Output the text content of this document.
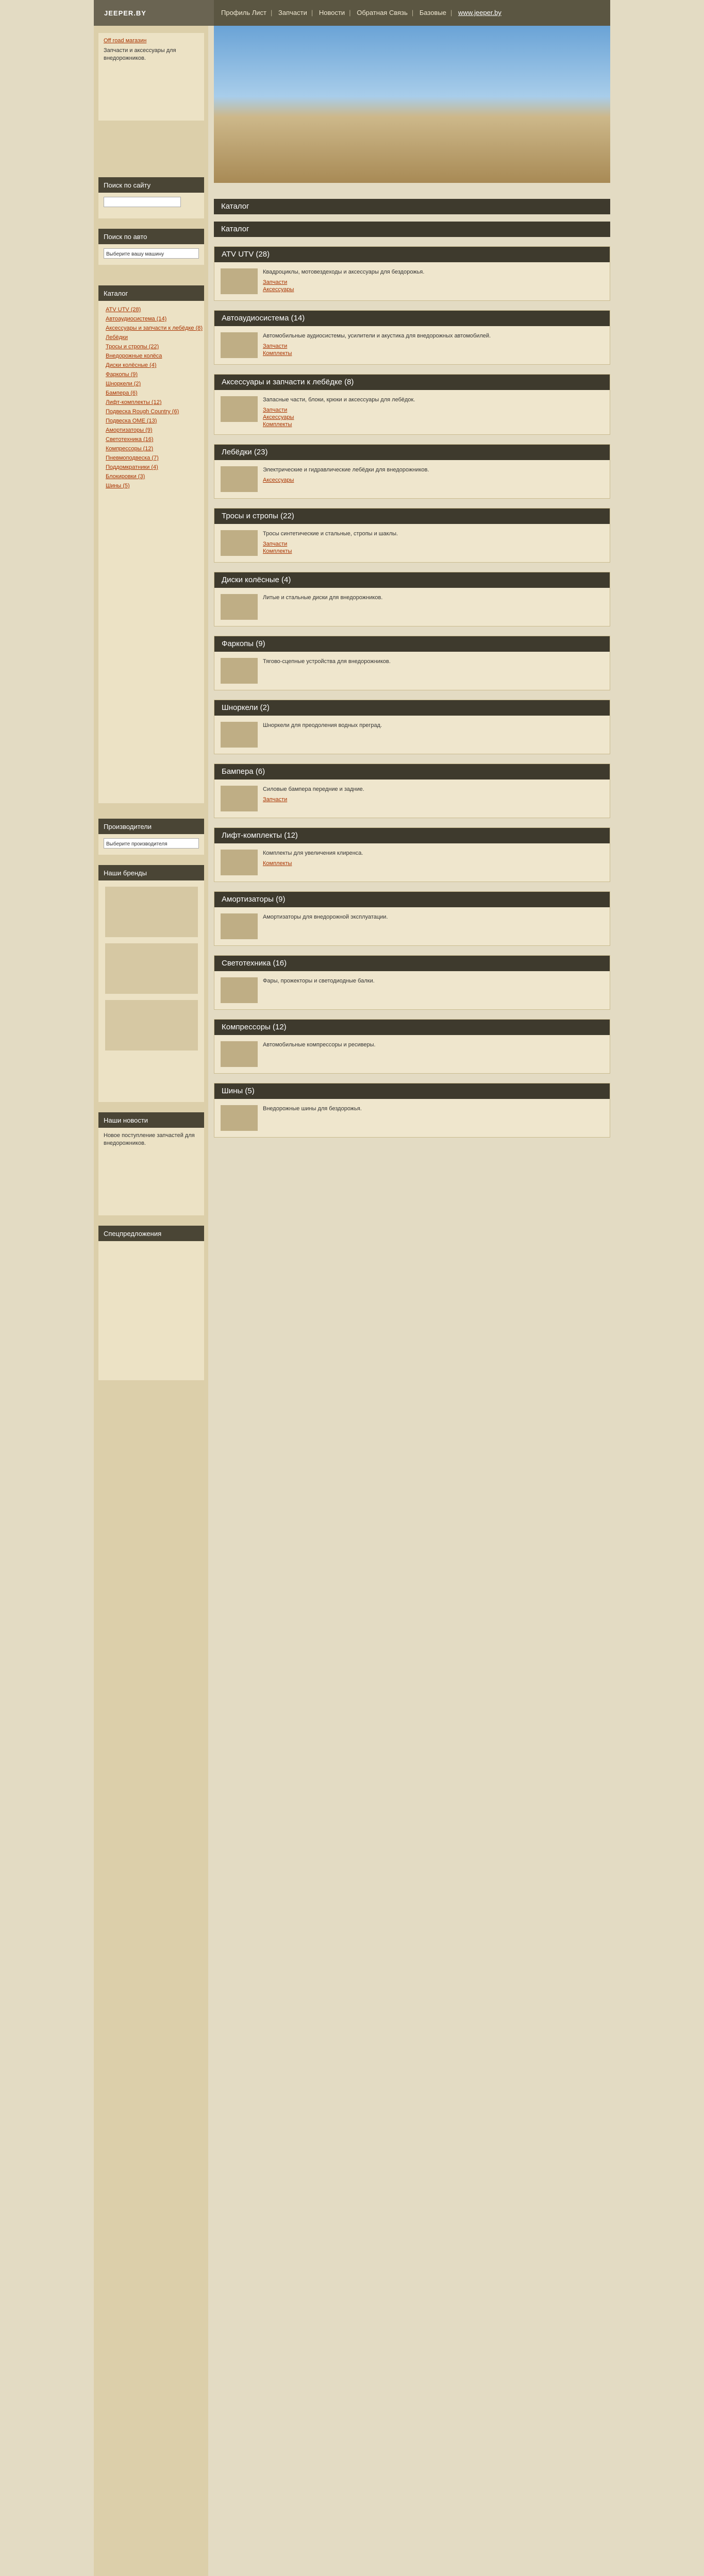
JEEPER.BY	Профиль Лист | Запчасти | Новости | Обратная Связь | Базовые | www.jeeper.by
Off road магазин
Запчасти и аксессуары для внедорожников.
Поиск по сайту
Поиск по авто
Выберите вашу машину
Каталог
ATV UTV (28)
Автоаудиосистема (14)
Аксессуары и запчасти к лебёдке (8)
Лебёдки
Тросы и стропы (22)
Внедорожные колёса
Диски колёсные (4)
Фаркопы (9)
Шноркели (2)
Бампера (6)
Лифт-комплекты (12)
Подвеска Rough Country (6)
Подвеска ОМЕ (13)
Амортизаторы (9)
Светотехника (16)
Компрессоры (12)
Пневмоподвеска (7)
Поддомкратники (4)
Блокировки (3)
Шины (5)
Производители
Выберите производителя
Наши бренды
Наши новости
Новое поступление запчастей для внедорожников.
Спецпредложения
Каталог
Каталог
ATV UTV (28)
Квадроциклы, мотовездеходы и аксессуары для бездорожья.
Запчасти
Аксессуары
Автоаудиосистема (14)
Автомобильные аудиосистемы, усилители и акустика для внедорожных автомобилей.
Запчасти
Комплекты
Аксессуары и запчасти к лебёдке (8)
Запасные части, блоки, крюки и аксессуары для лебёдок.
Запчасти
Аксессуары
Комплекты
Лебёдки (23)
Электрические и гидравлические лебёдки для внедорожников.
Аксессуары
Тросы и стропы (22)
Тросы синтетические и стальные, стропы и шаклы.
Запчасти
Комплекты
Диски колёсные (4)
Литые и стальные диски для внедорожников.
Фаркопы (9)
Тягово-сцепные устройства для внедорожников.
Шноркели (2)
Шноркели для преодоления водных преград.
Бампера (6)
Силовые бампера передние и задние.
Запчасти
Лифт-комплекты (12)
Комплекты для увеличения клиренса.
Комплекты
Амортизаторы (9)
Амортизаторы для внедорожной эксплуатации.
Светотехника (16)
Фары, прожекторы и светодиодные балки.
Компрессоры (12)
Автомобильные компрессоры и ресиверы.
Шины (5)
Внедорожные шины для бездорожья.
